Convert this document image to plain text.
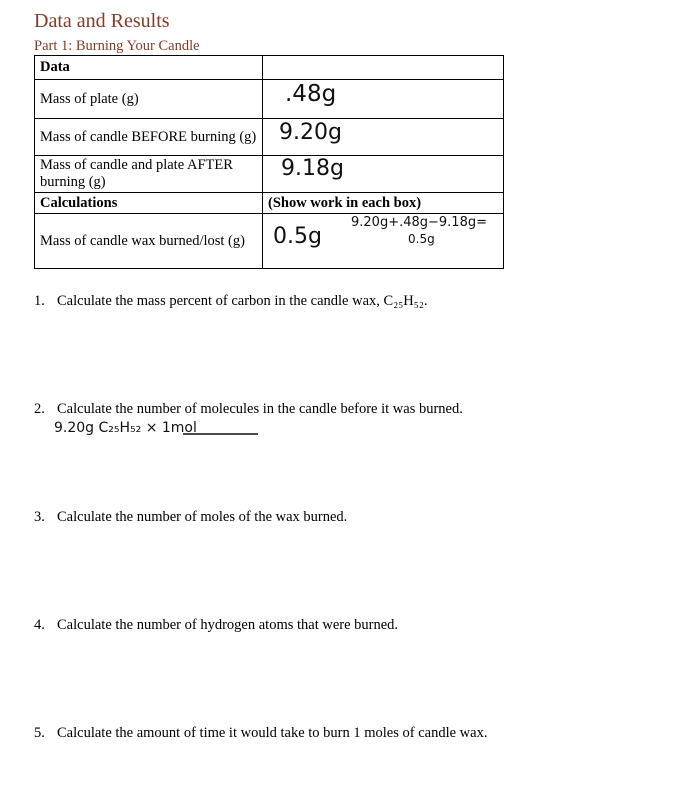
Data and Results
Part 1: Burning Your Candle
Data	
Mass of plate (g)	.48g

Mass of candle BEFORE burning (g)	9.20g

Mass of candle and plate AFTER burning (g)	9.18g

Calculations	(Show work in each box)
Mass of candle wax burned/lost (g)	0.5g
9.20g+.48g−9.18g=
0.5g

1. Calculate the mass percent of carbon in the candle wax, C₂₅H₅₂.

2. Calculate the number of molecules in the candle before it was burned.

9.20g C₂₅H₅₂ × 1mol

3. Calculate the number of moles of the wax burned.

4. Calculate the number of hydrogen atoms that were burned.

5. Calculate the amount of time it would take to burn 1 moles of candle wax.
